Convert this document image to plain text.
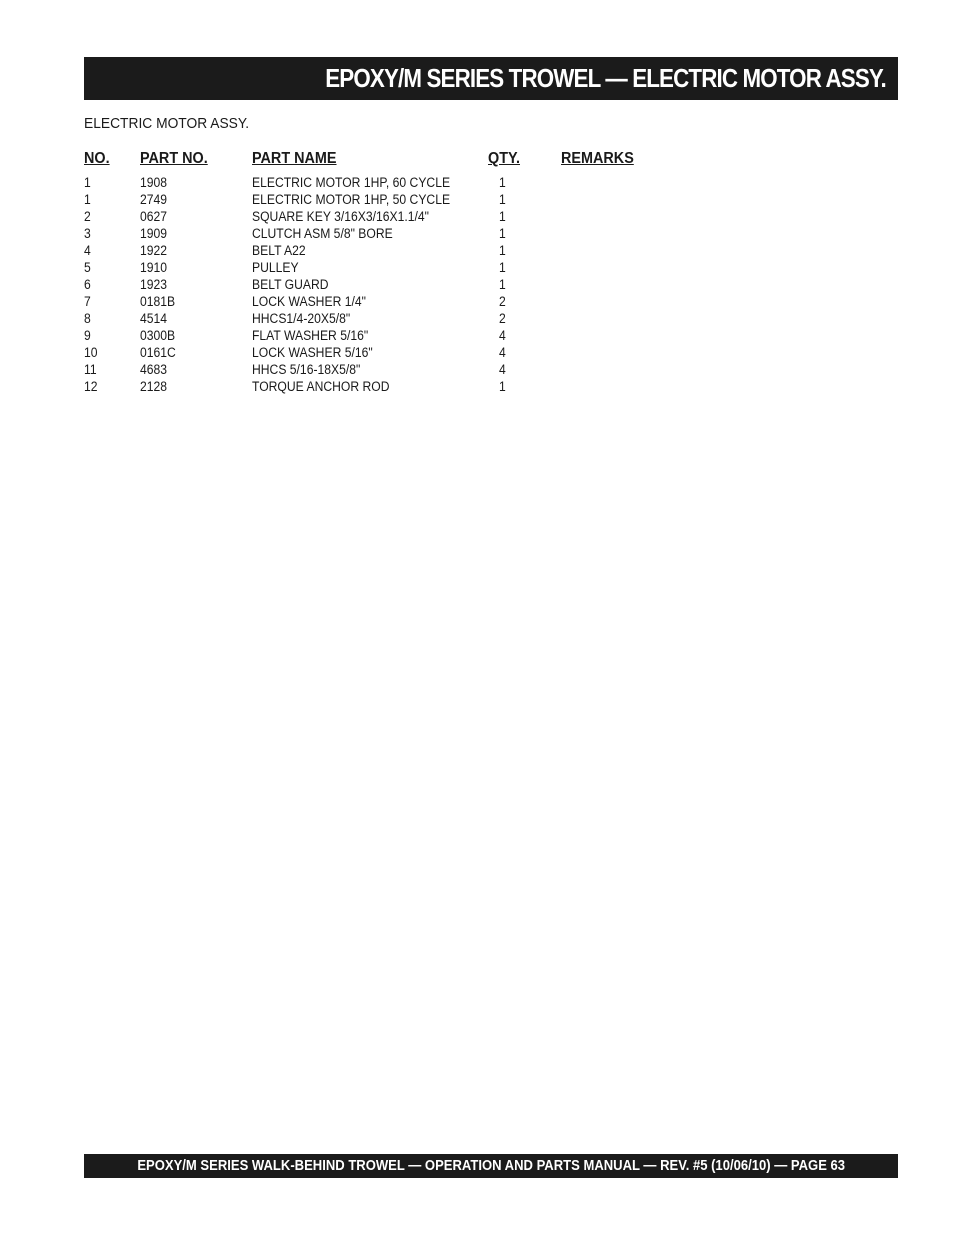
EPOXY/M SERIES TROWEL — ELECTRIC MOTOR ASSY.
ELECTRIC MOTOR ASSY.
NO. PART NO.	PART NAME	QTY.	REMARKS
1	1908	ELECTRIC MOTOR 1HP, 60 CYCLE	1
1	2749	ELECTRIC MOTOR 1HP, 50 CYCLE	1
2	0627	SQUARE KEY 3/16X3/16X1.1/4"	1
3	1909	CLUTCH ASM 5/8" BORE	1
4	1922	BELT A22	1
5	1910	PULLEY	1
6	1923	BELT GUARD	1
7	0181B	LOCK WASHER 1/4"	2
8	4514	HHCS1/4-20X5/8"	2
9	0300B	FLAT WASHER 5/16"	4
10	0161C	LOCK WASHER 5/16"	4
11	4683	HHCS 5/16-18X5/8"	4
12	2128	TORQUE ANCHOR ROD	1
EPOXY/M SERIES WALK-BEHIND TROWEL — OPERATION AND PARTS MANUAL — REV. #5 (10/06/10) — PAGE 63
